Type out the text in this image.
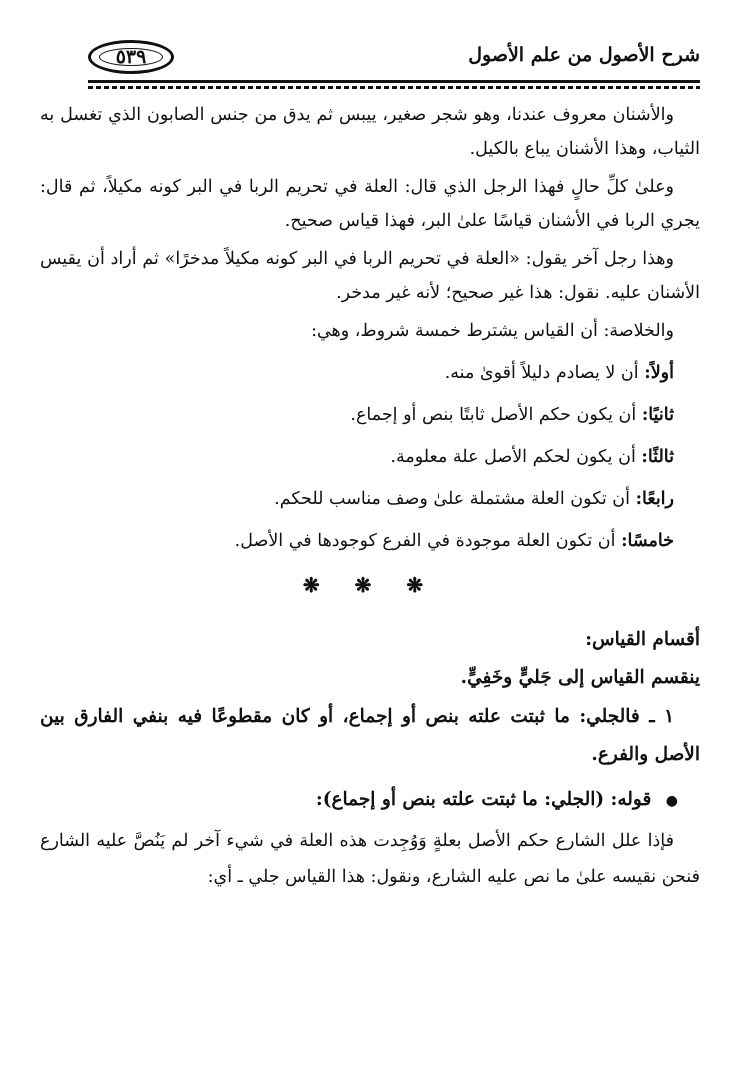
٥٣٩	شرح الأصول من علم الأصول

والأشنان معروف عندنا، وهو شجر صغير، ييبس ثم يدق من جنس الصابون الذي تغسل به الثياب، وهذا الأشنان يباع بالكيل.

وعلىٰ كلِّ حالٍ فهذا الرجل الذي قال: العلة في تحريم الربا في البر كونه مكيلاً، ثم قال: يجري الربا في الأشنان قياسًا علىٰ البر، فهذا قياس صحيح.

وهذا رجل آخر يقول: «العلة في تحريم الربا في البر كونه مكيلاً مدخرًا» ثم أراد أن يقيس الأشنان عليه. نقول: هذا غير صحيح؛ لأنه غير مدخر.

والخلاصة: أن القياس يشترط خمسة شروط، وهي:

أولاً: أن لا يصادم دليلاً أقوىٰ منه.

ثانيًا: أن يكون حكم الأصل ثابتًا بنص أو إجماع.

ثالثًا: أن يكون لحكم الأصل علة معلومة.

رابعًا: أن تكون العلة مشتملة علىٰ وصف مناسب للحكم.

خامسًا: أن تكون العلة موجودة في الفرع كوجودها في الأصل.

❋ ❋ ❋

أقسام القياس:

ينقسم القياس إلى جَليٍّ وخَفِيٍّ.

١ ـ فالجلي: ما ثبتت علته بنص أو إجماع، أو كان مقطوعًا فيه بنفي الفارق بين الأصل والفرع.

● قوله: (الجلي: ما ثبتت علته بنص أو إجماع):

فإذا علل الشارع حكم الأصل بعلةٍ وَوُجِدت هذه العلة في شيء آخر لم يَنُصَّ عليه الشارع فنحن نقيسه علىٰ ما نص عليه الشارع، ونقول: هذا القياس جلي ـ أي:
